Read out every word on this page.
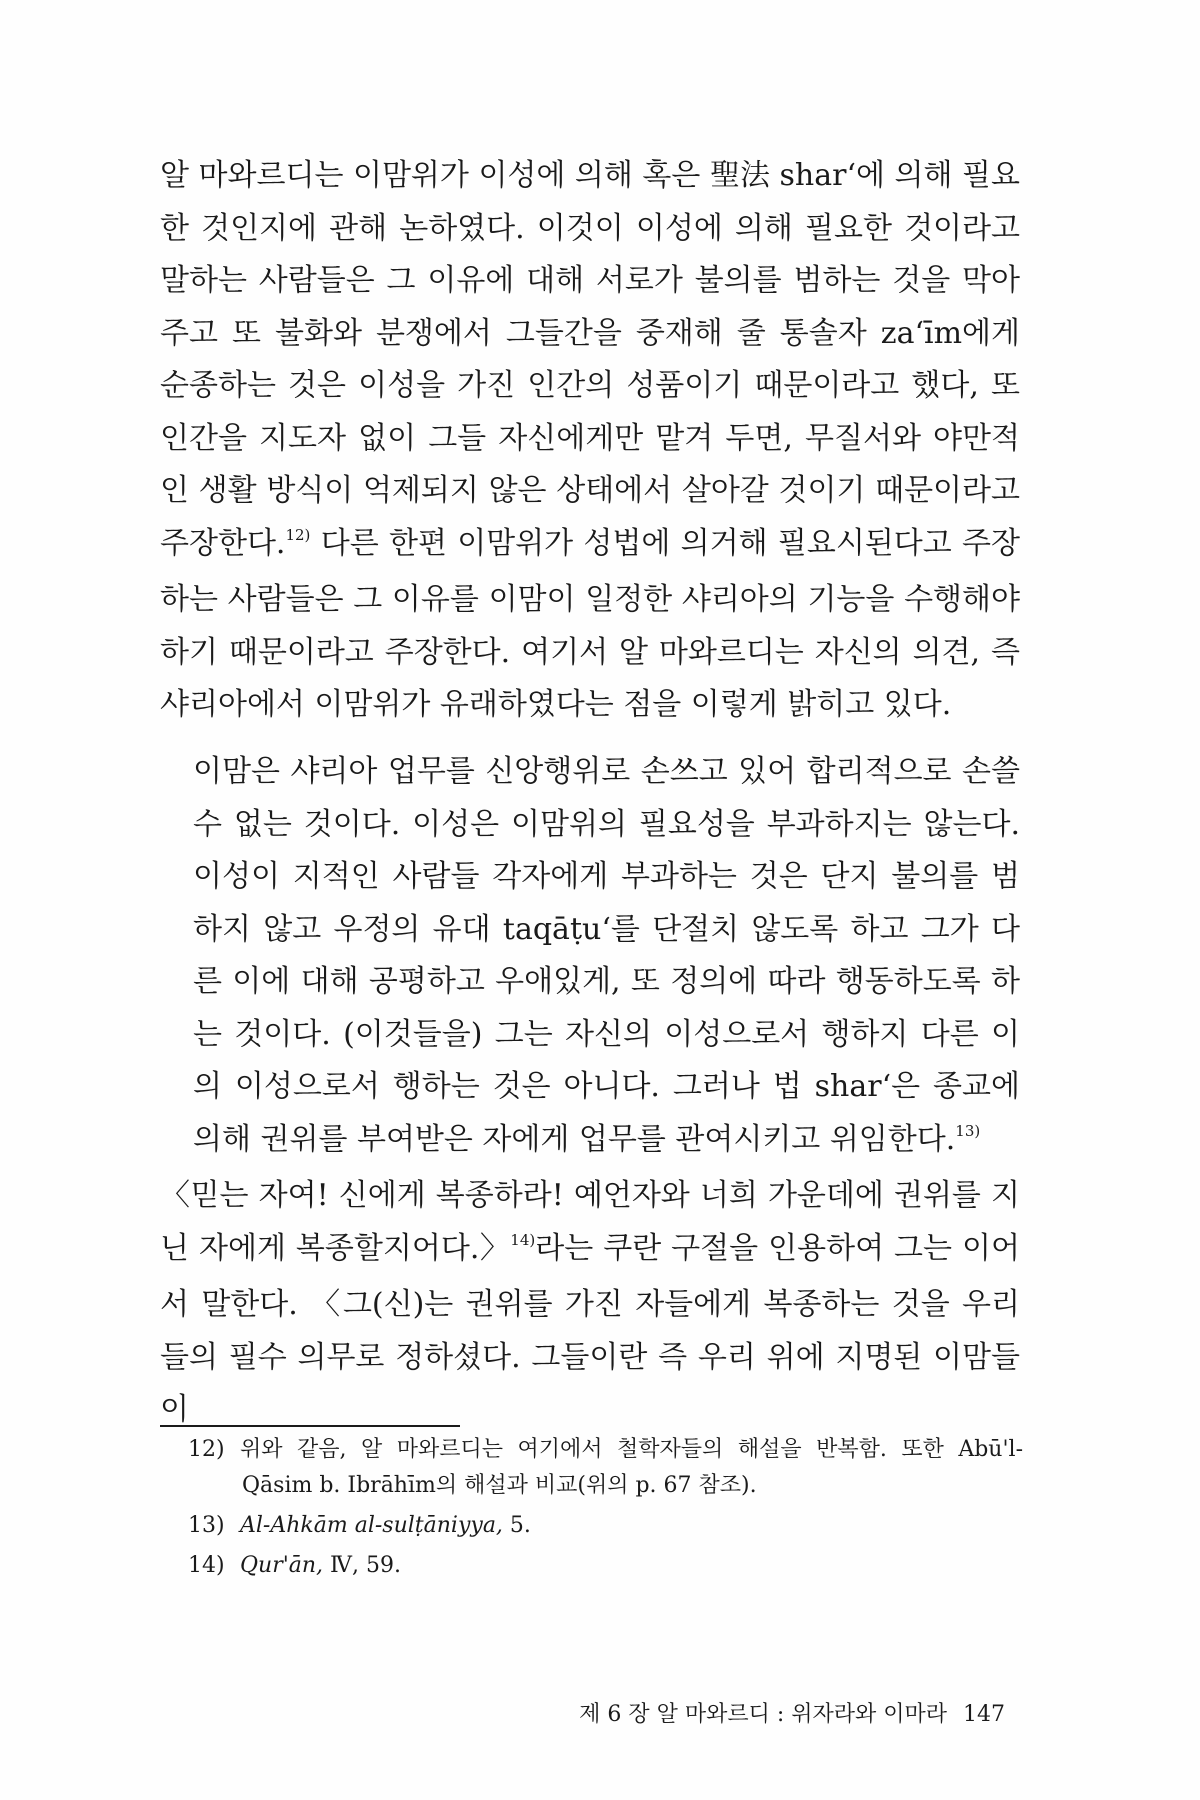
알 마와르디는 이맘위가 이성에 의해 혹은 聖法 shar‘에 의해 필요한 것인지에 관해 논하였다. 이것이 이성에 의해 필요한 것이라고 말하는 사람들은 그 이유에 대해 서로가 불의를 범하는 것을 막아주고 또 불화와 분쟁에서 그들간을 중재해 줄 통솔자 za‘īm에게 순종하는 것은 이성을 가진 인간의 성품이기 때문이라고 했다, 또 인간을 지도자 없이 그들 자신에게만 맡겨 두면, 무질서와 야만적인 생활 방식이 억제되지 않은 상태에서 살아갈 것이기 때문이라고 주장한다.$^{12)}$ 다른 한편 이맘위가 성법에 의거해 필요시된다고 주장하는 사람들은 그 이유를 이맘이 일정한 샤리아의 기능을 수행해야 하기 때문이라고 주장한다. 여기서 알 마와르디는 자신의 의견, 즉 샤리아에서 이맘위가 유래하였다는 점을 이렇게 밝히고 있다.

이맘은 샤리아 업무를 신앙행위로 손쓰고 있어 합리적으로 손쓸 수 없는 것이다. 이성은 이맘위의 필요성을 부과하지는 않는다. 이성이 지적인 사람들 각자에게 부과하는 것은 단지 불의를 범하지 않고 우정의 유대 taqāṭu‘를 단절치 않도록 하고 그가 다른 이에 대해 공평하고 우애있게, 또 정의에 따라 행동하도록 하는 것이다. (이것들을) 그는 자신의 이성으로서 행하지 다른 이의 이성으로서 행하는 것은 아니다. 그러나 법 shar‘은 종교에 의해 권위를 부여받은 자에게 업무를 관여시키고 위임한다.$^{13)}$

〈믿는 자여! 신에게 복종하라! 예언자와 너희 가운데에 권위를 지닌 자에게 복종할지어다.〉$^{14)}$라는 쿠란 구절을 인용하여 그는 이어서 말한다. 〈그(신)는 권위를 가진 자들에게 복종하는 것을 우리들의 필수 의무로 정하셨다. 그들이란 즉 우리 위에 지명된 이맘들이

12) 위와 같음, 알 마와르디는 여기에서 철학자들의 해설을 반복함. 또한 Abū'l-Qāsim b. Ibrāhīm의 해설과 비교(위의 p. 67 참조).

13) Al-Ahkām al-sulṭāniyya, 5.

14) Qur'ān, Ⅳ, 59.

제 6 장 알 마와르디 : 위자라와 이마라 147
